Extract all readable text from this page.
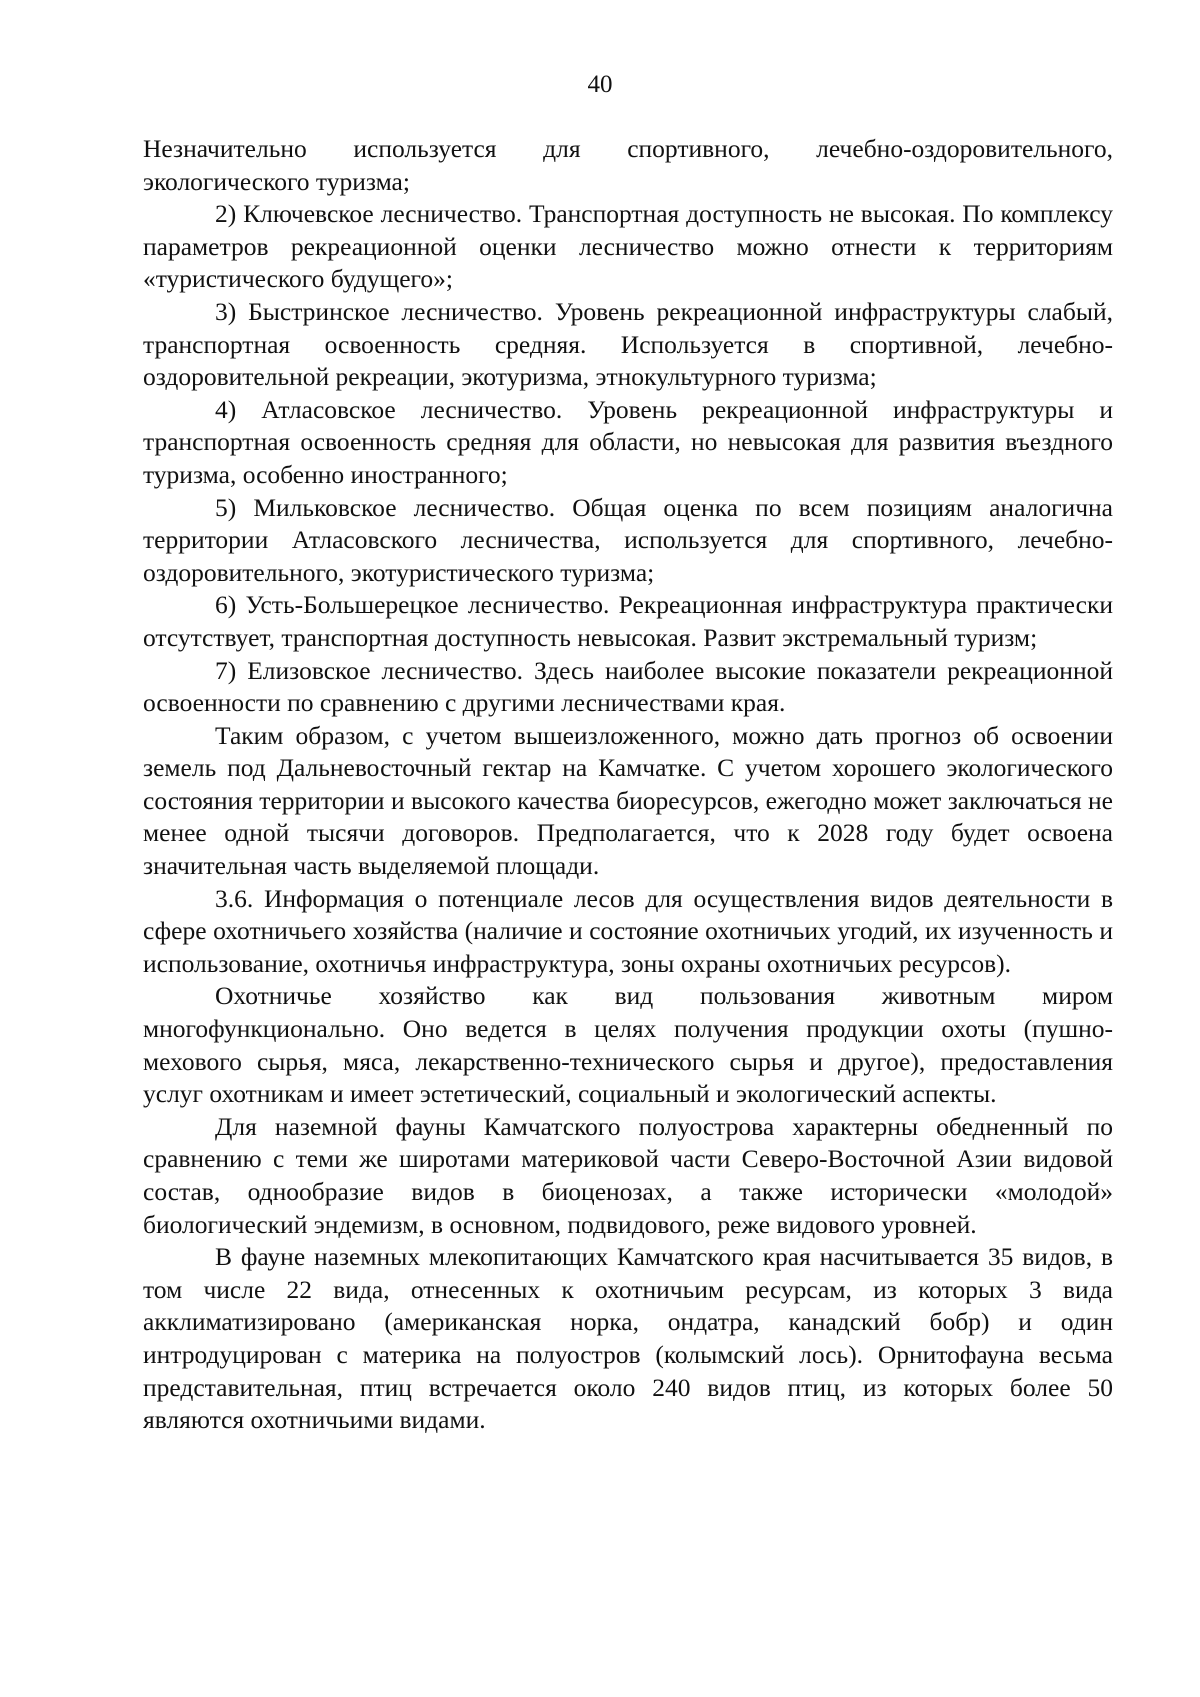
40

Незначительно используется для спортивного, лечебно-оздоровительного, экологического туризма;

2) Ключевское лесничество. Транспортная доступность не высокая. По комплексу параметров рекреационной оценки лесничество можно отнести к территориям «туристического будущего»;

3) Быстринское лесничество. Уровень рекреационной инфраструктуры слабый, транспортная освоенность средняя. Используется в спортивной, лечебно-оздоровительной рекреации, экотуризма, этнокультурного туризма;

4) Атласовское лесничество. Уровень рекреационной инфраструктуры и транспортная освоенность средняя для области, но невысокая для развития въездного туризма, особенно иностранного;

5) Мильковское лесничество. Общая оценка по всем позициям аналогична территории Атласовского лесничества, используется для спортивного, лечебно-оздоровительного, экотуристического туризма;

6) Усть-Большерецкое лесничество. Рекреационная инфраструктура практически отсутствует, транспортная доступность невысокая. Развит экстремальный туризм;

7) Елизовское лесничество. Здесь наиболее высокие показатели рекреационной освоенности по сравнению с другими лесничествами края.

Таким образом, с учетом вышеизложенного, можно дать прогноз об освоении земель под Дальневосточный гектар на Камчатке. С учетом хорошего экологического состояния территории и высокого качества биоресурсов, ежегодно может заключаться не менее одной тысячи договоров. Предполагается, что к 2028 году будет освоена значительная часть выделяемой площади.

3.6. Информация о потенциале лесов для осуществления видов деятельности в сфере охотничьего хозяйства (наличие и состояние охотничьих угодий, их изученность и использование, охотничья инфраструктура, зоны охраны охотничьих ресурсов).

Охотничье хозяйство как вид пользования животным миром многофункционально. Оно ведется в целях получения продукции охоты (пушно-мехового сырья, мяса, лекарственно-технического сырья и другое), предоставления услуг охотникам и имеет эстетический, социальный и экологический аспекты.

Для наземной фауны Камчатского полуострова характерны обедненный по сравнению с теми же широтами материковой части Северо-Восточной Азии видовой состав, однообразие видов в биоценозах, а также исторически «молодой» биологический эндемизм, в основном, подвидового, реже видового уровней.

В фауне наземных млекопитающих Камчатского края насчитывается 35 видов, в том числе 22 вида, отнесенных к охотничьим ресурсам, из которых 3 вида акклиматизировано (американская норка, ондатра, канадский бобр) и один интродуцирован с материка на полуостров (колымский лось). Орнитофауна весьма представительная, птиц встречается около 240 видов птиц, из которых более 50 являются охотничьими видами.
